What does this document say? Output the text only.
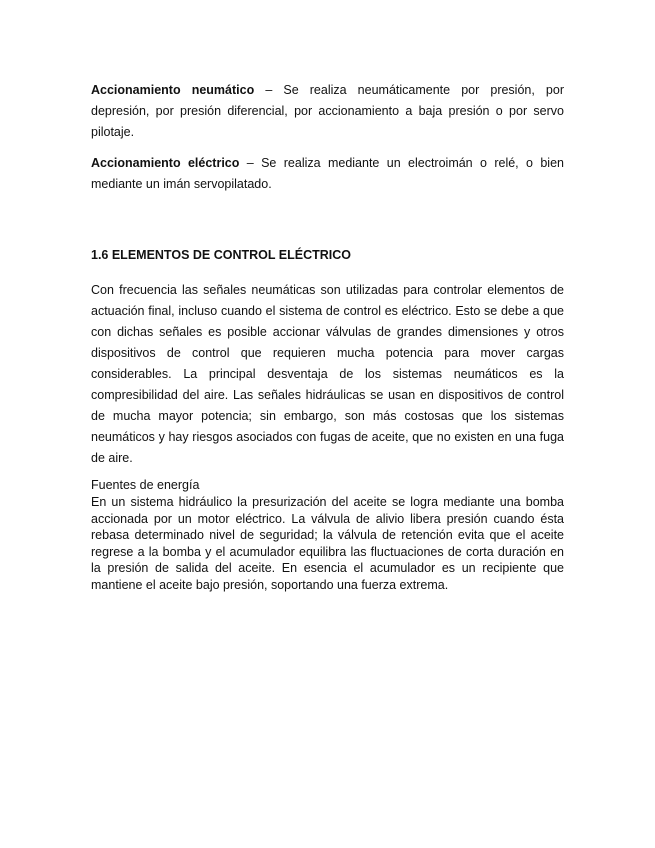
Accionamiento neumático – Se realiza neumáticamente por presión, por depresión, por presión diferencial, por accionamiento a baja presión o por servo pilotaje.

Accionamiento eléctrico – Se realiza mediante un electroimán o relé, o bien mediante un imán servopilatado.

1.6 ELEMENTOS DE CONTROL ELÉCTRICO

Con frecuencia las señales neumáticas son utilizadas para controlar elementos de actuación final, incluso cuando el sistema de control es eléctrico. Esto se debe a que con dichas señales es posible accionar válvulas de grandes dimensiones y otros dispositivos de control que requieren mucha potencia para mover cargas considerables. La principal desventaja de los sistemas neumáticos es la compresibilidad del aire. Las señales hidráulicas se usan en dispositivos de control de mucha mayor potencia; sin embargo, son más costosas que los sistemas neumáticos y hay riesgos asociados con fugas de aceite, que no existen en una fuga de aire.

Fuentes de energía

En un sistema hidráulico la presurización del aceite se logra mediante una bomba accionada por un motor eléctrico. La válvula de alivio libera presión cuando ésta rebasa determinado nivel de seguridad; la válvula de retención evita que el aceite regrese a la bomba y el acumulador equilibra las fluctuaciones de corta duración en la presión de salida del aceite. En esencia el acumulador es un recipiente que mantiene el aceite bajo presión, soportando una fuerza extrema.
